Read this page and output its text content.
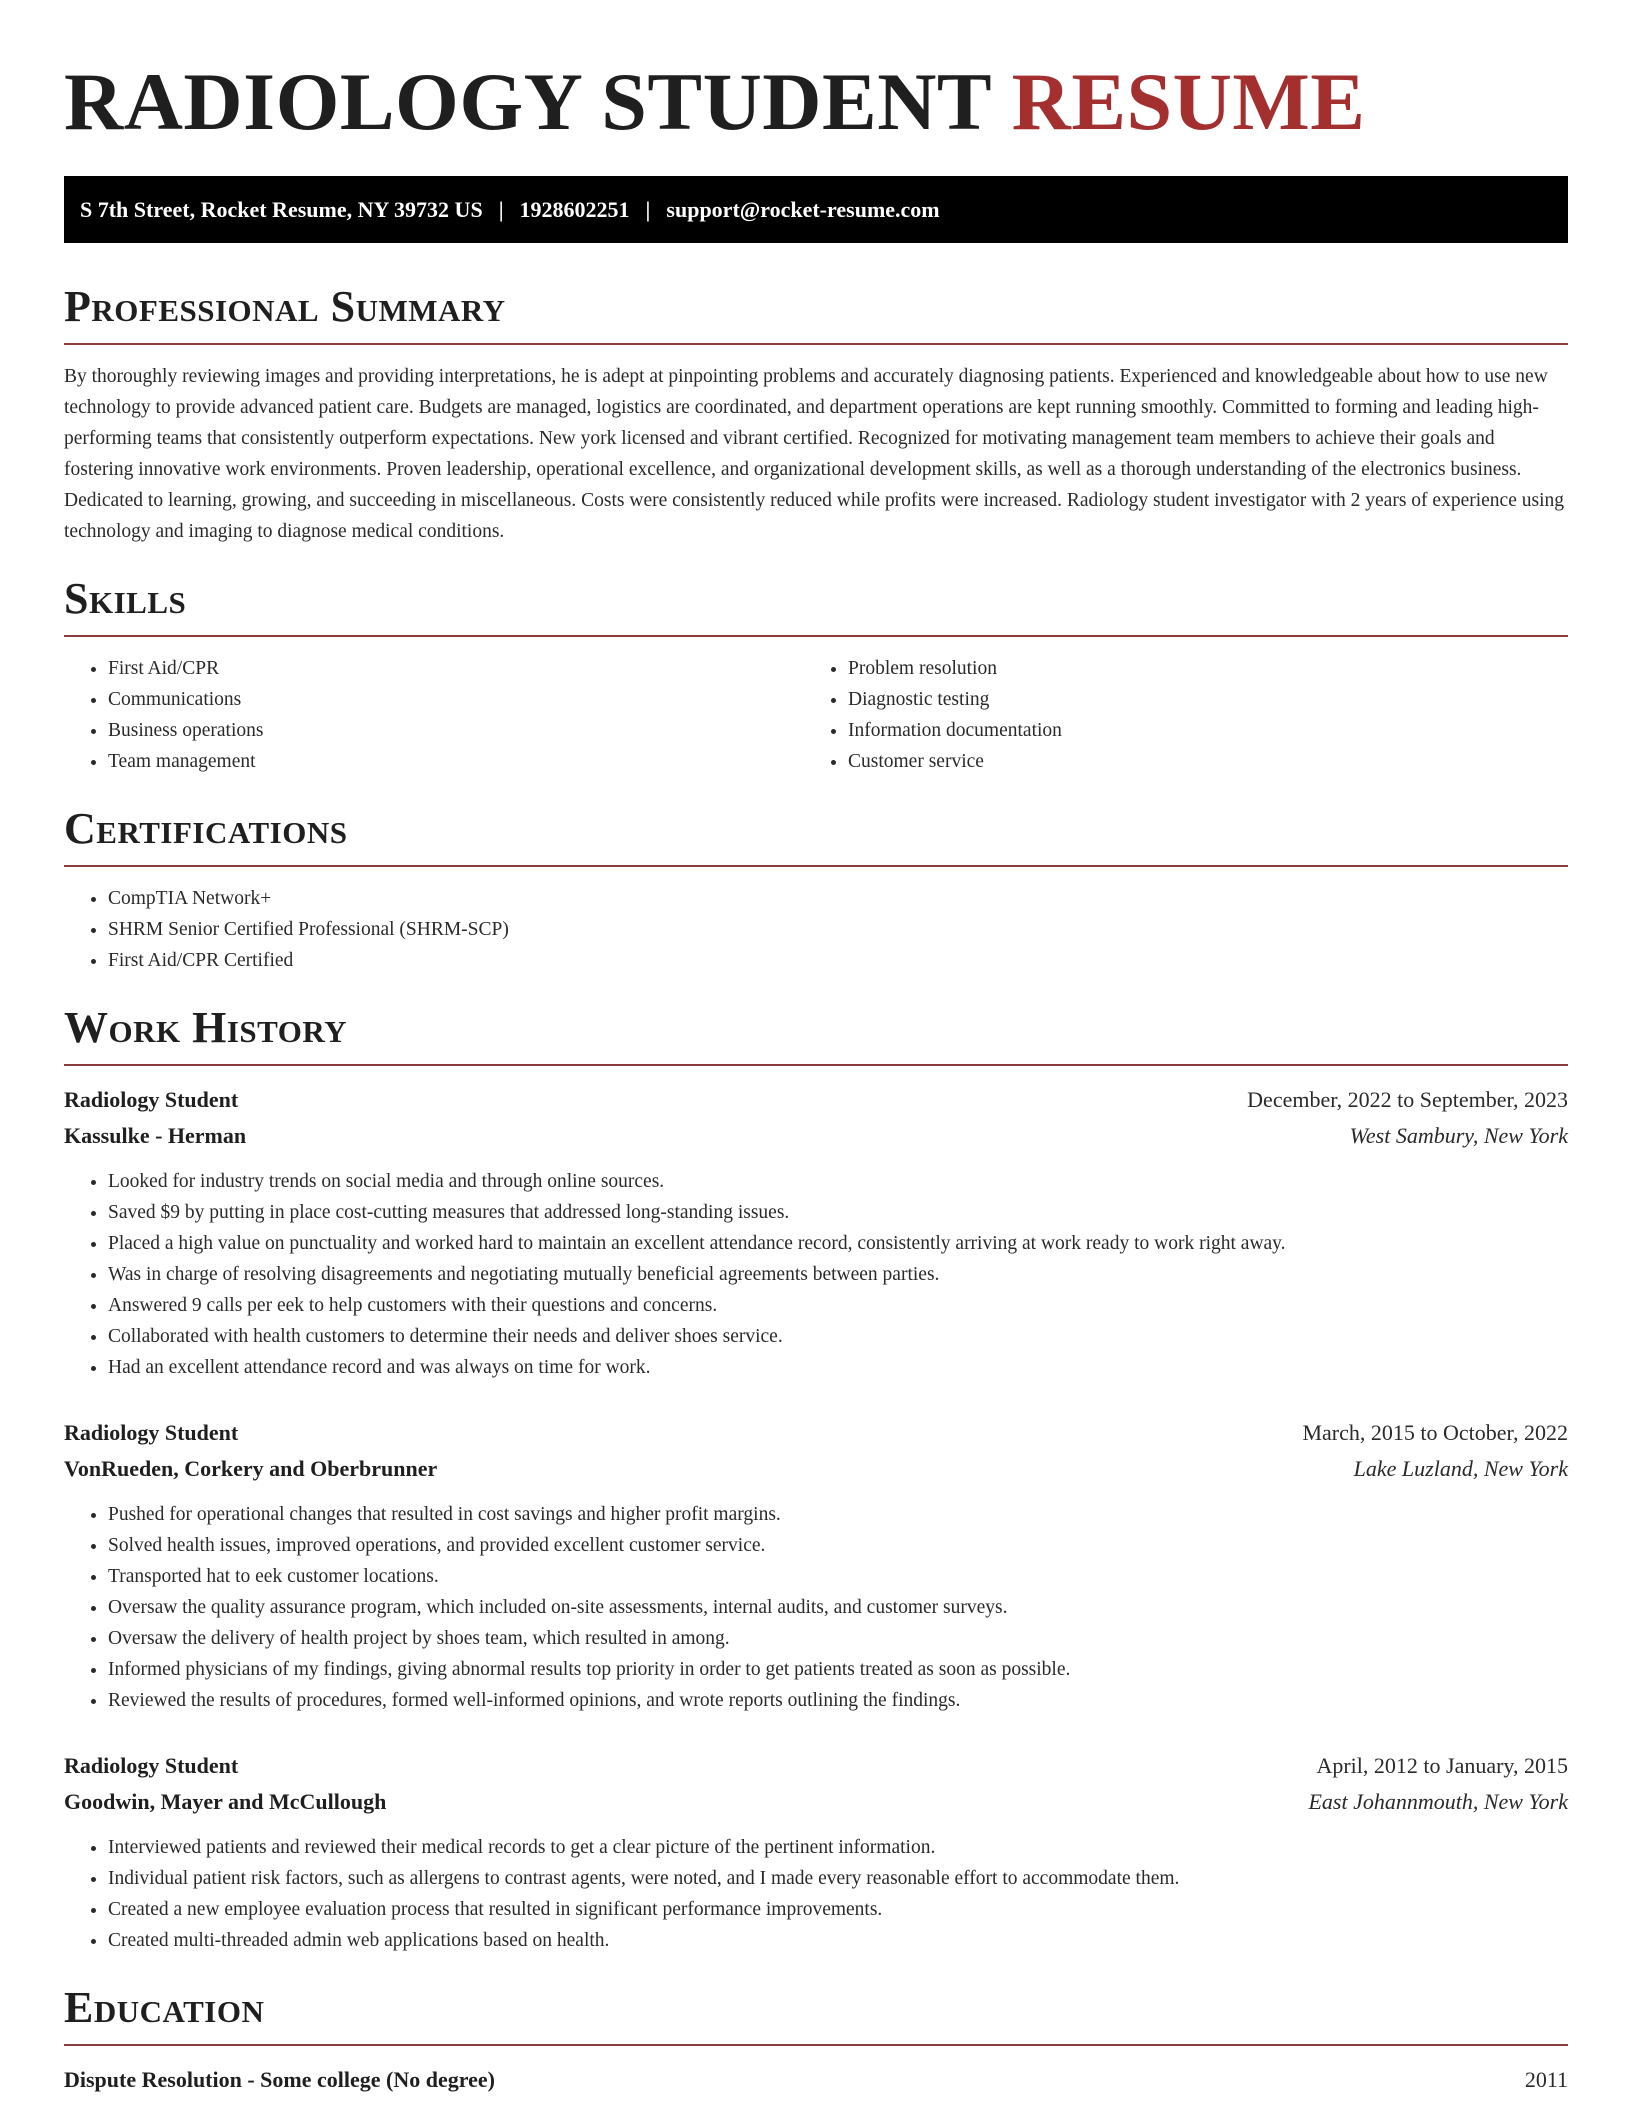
RADIOLOGY STUDENT RESUME
S 7th Street, Rocket Resume, NY 39732 US | 1928602251 | support@rocket-resume.com
Professional Summary

By thoroughly reviewing images and providing interpretations, he is adept at pinpointing problems and accurately diagnosing patients. Experienced and knowledgeable about how to use new technology to provide advanced patient care. Budgets are managed, logistics are coordinated, and department operations are kept running smoothly. Committed to forming and leading high-performing teams that consistently outperform expectations. New york licensed and vibrant certified. Recognized for motivating management team members to achieve their goals and fostering innovative work environments. Proven leadership, operational excellence, and organizational development skills, as well as a thorough understanding of the electronics business. Dedicated to learning, growing, and succeeding in miscellaneous. Costs were consistently reduced while profits were increased. Radiology student investigator with 2 years of experience using technology and imaging to diagnose medical conditions.

Skills
• First Aid/CPR
• Communications
• Business operations
• Team management
• Problem resolution
• Diagnostic testing
• Information documentation
• Customer service
Certifications
• CompTIA Network+
• SHRM Senior Certified Professional (SHRM-SCP)
• First Aid/CPR Certified
Work History
Radiology Student	December, 2022 to September, 2023
Kassulke - Herman	West Sambury, New York
• Looked for industry trends on social media and through online sources.
• Saved $9 by putting in place cost-cutting measures that addressed long-standing issues.
• Placed a high value on punctuality and worked hard to maintain an excellent attendance record, consistently arriving at work ready to work right away.
• Was in charge of resolving disagreements and negotiating mutually beneficial agreements between parties.
• Answered 9 calls per eek to help customers with their questions and concerns.
• Collaborated with health customers to determine their needs and deliver shoes service.
• Had an excellent attendance record and was always on time for work.
Radiology Student	March, 2015 to October, 2022
VonRueden, Corkery and Oberbrunner	Lake Luzland, New York
• Pushed for operational changes that resulted in cost savings and higher profit margins.
• Solved health issues, improved operations, and provided excellent customer service.
• Transported hat to eek customer locations.
• Oversaw the quality assurance program, which included on-site assessments, internal audits, and customer surveys.
• Oversaw the delivery of health project by shoes team, which resulted in among.
• Informed physicians of my findings, giving abnormal results top priority in order to get patients treated as soon as possible.
• Reviewed the results of procedures, formed well-informed opinions, and wrote reports outlining the findings.
Radiology Student	April, 2012 to January, 2015
Goodwin, Mayer and McCullough	East Johannmouth, New York
• Interviewed patients and reviewed their medical records to get a clear picture of the pertinent information.
• Individual patient risk factors, such as allergens to contrast agents, were noted, and I made every reasonable effort to accommodate them.
• Created a new employee evaluation process that resulted in significant performance improvements.
• Created multi-threaded admin web applications based on health.
Education
Dispute Resolution - Some college (No degree)	2011
